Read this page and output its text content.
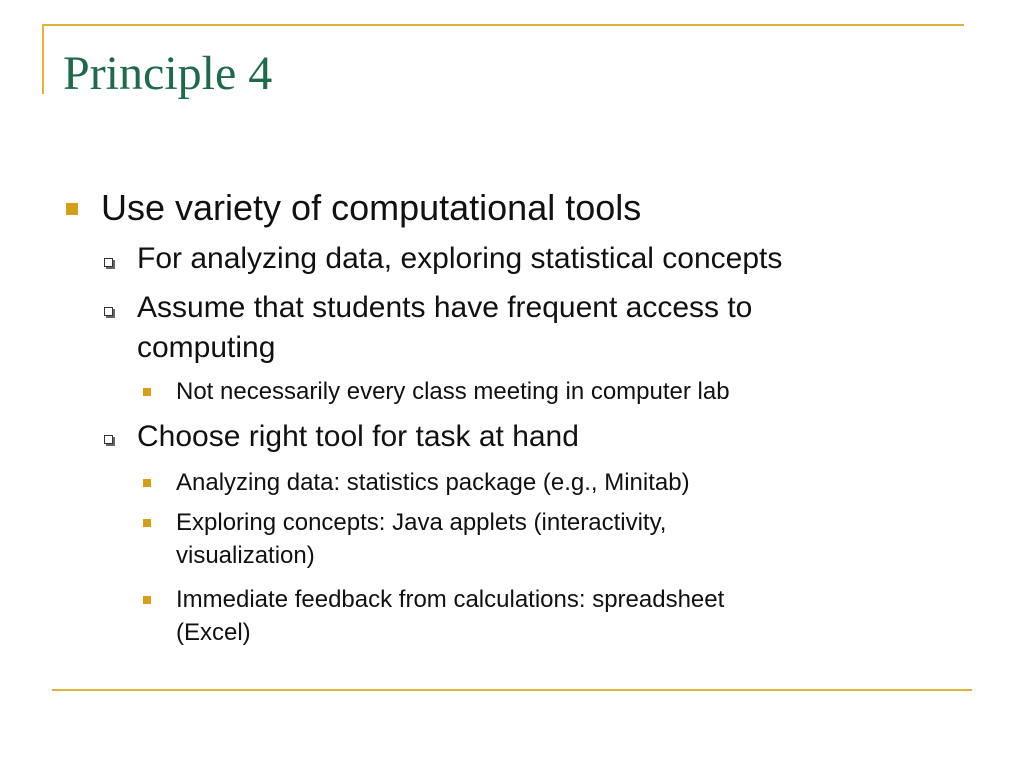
Principle 4
Use variety of computational tools
For analyzing data, exploring statistical concepts
Assume that students have frequent access to
computing
Not necessarily every class meeting in computer lab
Choose right tool for task at hand
Analyzing data: statistics package (e.g., Minitab)
Exploring concepts: Java applets (interactivity,
visualization)
Immediate feedback from calculations: spreadsheet
(Excel)
